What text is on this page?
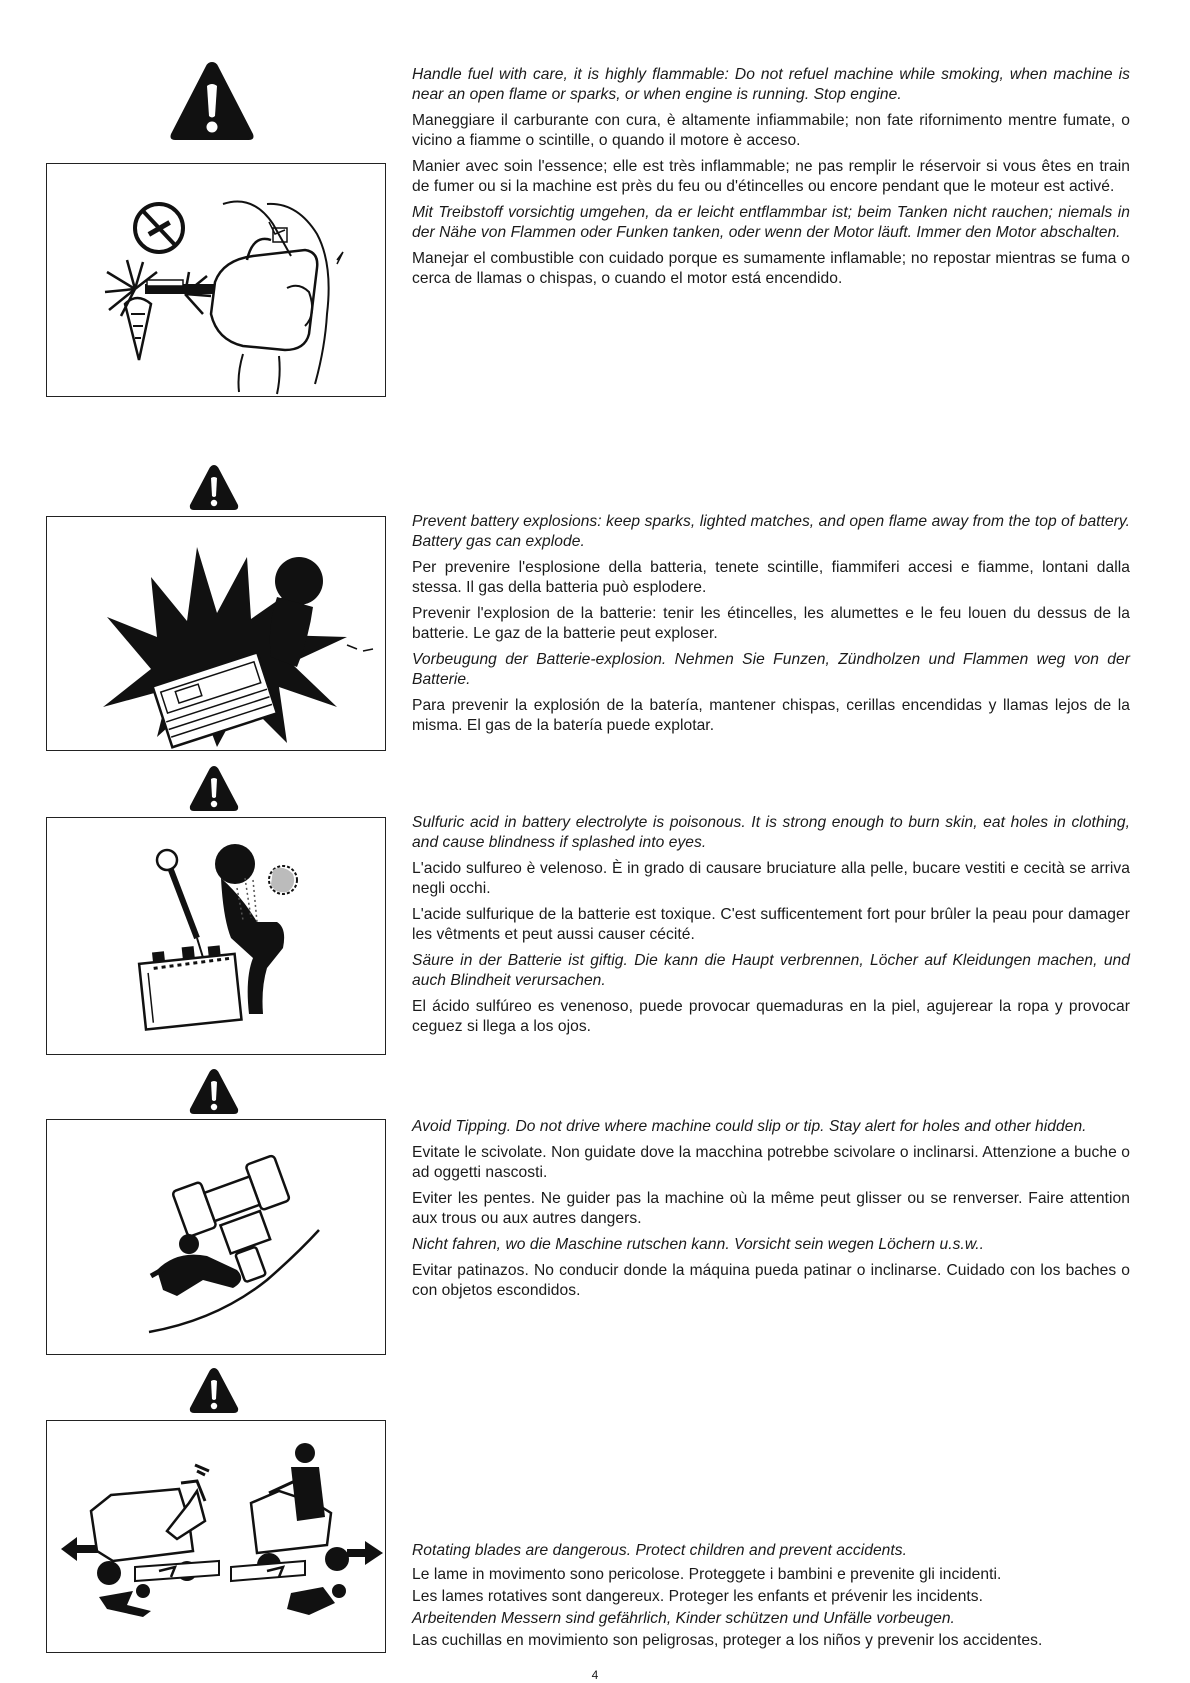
Handle fuel with care, it is highly flammable: Do not refuel machine while smoking, when machine is near an open flame or sparks, or when engine is running. Stop engine.

Maneggiare il carburante con cura, è altamente infiammabile; non fate rifornimento mentre fumate, o vicino a fiamme o scintille, o quando il motore è acceso.

Manier avec soin l'essence; elle est très inflammable; ne pas remplir le réservoir si vous êtes en train de fumer ou si la machine est près du feu ou d'étincelles ou encore pendant que le moteur est activé.

Mit Treibstoff vorsichtig umgehen, da er leicht entflammbar ist; beim Tanken nicht rauchen; niemals in der Nähe von Flammen oder Funken tanken, oder wenn der Motor läuft. Immer den Motor abschalten.

Manejar el combustible con cuidado porque es sumamente inflamable; no repostar mientras se fuma o cerca de llamas o chispas, o cuando el motor está encendido.

Prevent battery explosions: keep sparks, lighted matches, and open flame away from the top of battery. Battery gas can explode.

Per prevenire l'esplosione della batteria, tenete scintille, fiammiferi accesi e fiamme, lontani dalla stessa. Il gas della batteria può esplodere.

Prevenir l'explosion de la batterie: tenir les étincelles, les alumettes e le feu louen du dessus de la batterie. Le gaz de la batterie peut exploser.

Vorbeugung der Batterie-explosion. Nehmen Sie Funzen, Zündholzen und Flammen weg von der Batterie.

Para prevenir la explosión de la batería, mantener chispas, cerillas encendidas y llamas lejos de la misma. El gas de la batería puede explotar.

Sulfuric acid in battery electrolyte is poisonous. It is strong enough to burn skin, eat holes in clothing, and cause blindness if splashed into eyes.

L'acido sulfureo è velenoso. È in grado di causare bruciature alla pelle, bucare vestiti e cecità se arriva negli occhi.

L'acide sulfurique de la batterie est toxique. C'est sufficentement fort pour brûler la peau pour damager les vêtments et peut aussi causer cécité.

Säure in der Batterie ist giftig. Die kann die Haupt verbrennen, Löcher auf Kleidungen machen, und auch Blindheit verursachen.

El ácido sulfúreo es venenoso, puede provocar quemaduras en la piel, agujerear la ropa y provocar ceguez si llega a los ojos.

Avoid Tipping. Do not drive where machine could slip or tip. Stay alert for holes and other hidden.

Evitate le scivolate. Non guidate dove la macchina potrebbe scivolare o inclinarsi. Attenzione a buche o ad oggetti nascosti.

Eviter les pentes. Ne guider pas la machine où la même peut glisser ou se renverser. Faire attention aux trous ou aux autres dangers.

Nicht fahren, wo die Maschine rutschen kann. Vorsicht sein wegen Löchern u.s.w..

Evitar patinazos. No conducir donde la máquina pueda patinar o inclinarse. Cuidado con los baches o con objetos escondidos.

Rotating blades are dangerous. Protect children and prevent accidents.

Le lame in movimento sono pericolose. Proteggete i bambini e prevenite gli incidenti.

Les lames rotatives sont dangereux. Proteger les enfants et prévenir les incidents.

Arbeitenden Messern sind gefährlich, Kinder schützen und Unfälle vorbeugen.

Las cuchillas en movimiento son peligrosas, proteger a los niños y prevenir los accidentes.

4
